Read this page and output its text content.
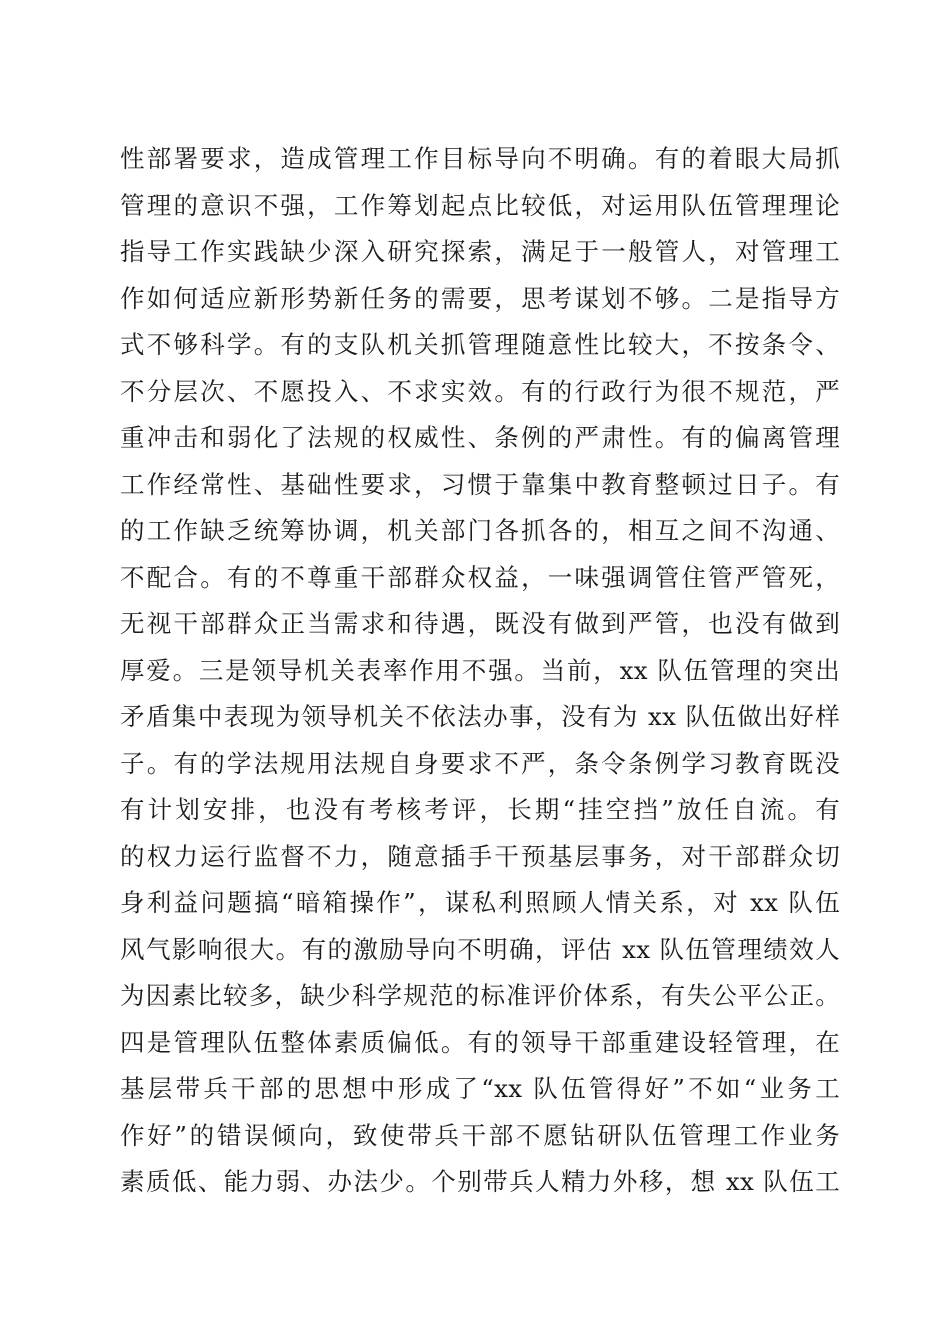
性部署要求，造成管理工作目标导向不明确。有的着眼大局抓
管理的意识不强，工作筹划起点比较低，对运用队伍管理理论
指导工作实践缺少深入研究探索，满足于一般管人，对管理工
作如何适应新形势新任务的需要，思考谋划不够。二是指导方
式不够科学。有的支队机关抓管理随意性比较大，不按条令、
不分层次、不愿投入、不求实效。有的行政行为很不规范，严
重冲击和弱化了法规的权威性、条例的严肃性。有的偏离管理
工作经常性、基础性要求，习惯于靠集中教育整顿过日子。有
的工作缺乏统筹协调，机关部门各抓各的，相互之间不沟通、
不配合。有的不尊重干部群众权益，一味强调管住管严管死，
无视干部群众正当需求和待遇，既没有做到严管，也没有做到
厚爱。三是领导机关表率作用不强。当前，xx 队伍管理的突出
矛盾集中表现为领导机关不依法办事，没有为 xx 队伍做出好样
子。有的学法规用法规自身要求不严，条令条例学习教育既没
有计划安排，也没有考核考评，长期“挂空挡”放任自流。有
的权力运行监督不力，随意插手干预基层事务，对干部群众切
身利益问题搞“暗箱操作”，谋私利照顾人情关系，对 xx 队伍
风气影响很大。有的激励导向不明确，评估 xx 队伍管理绩效人
为因素比较多，缺少科学规范的标准评价体系，有失公平公正。
四是管理队伍整体素质偏低。有的领导干部重建设轻管理，在
基层带兵干部的思想中形成了“xx 队伍管得好”不如“业务工
作好”的错误倾向，致使带兵干部不愿钻研队伍管理工作业务
素质低、能力弱、办法少。个别带兵人精力外移，想 xx 队伍工
